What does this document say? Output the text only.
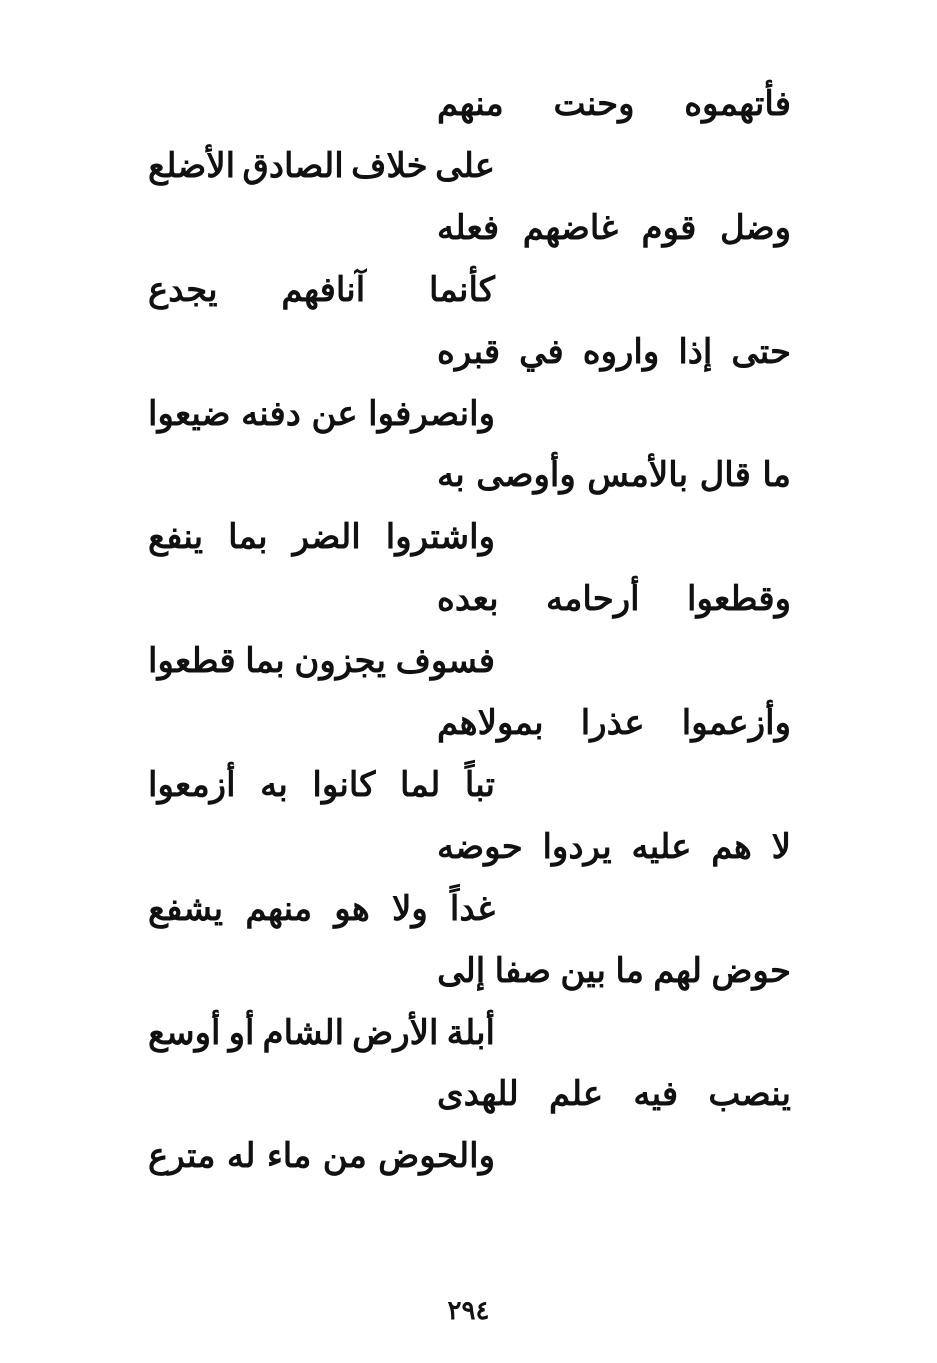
فأتهموه
وحنت
منهم
على
خلاف
الصادق
الأضلع
وضل
قوم
غاضهم
فعله
كأنما
آنافهم
يجدع
حتى
إذا
واروه
في
قبره
وانصرفوا
عن
دفنه
ضيعوا
ما
قال
بالأمس
وأوصى
به
واشتروا
الضر
بما
ينفع
وقطعوا
أرحامه
بعده
فسوف
يجزون
بما
قطعوا
وأزعموا
عذرا
بمولاهم
تباً
لما
كانوا
به
أزمعوا
لا
هم
عليه
يردوا
حوضه
غداً
ولا
هو
منهم
يشفع
حوض
لهم
ما
بين
صفا
إلى
أبلة
الأرض
الشام
أو
أوسع
ينصب
فيه
علم
للهدى
والحوض
من
ماء
له
مترع
٢٩٤
